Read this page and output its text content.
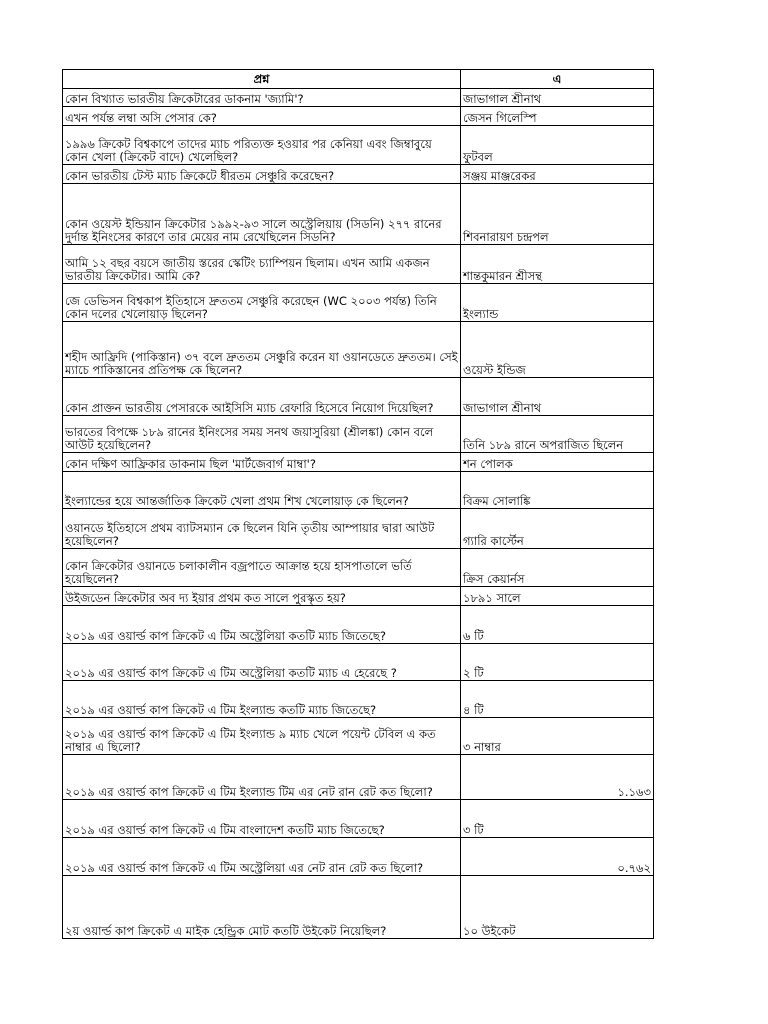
প্রশ্ন	এ
কোন বিখ্যাত ভারতীয় ক্রিকেটারের ডাকনাম 'জ্যামি'?	জাভাগাল শ্রীনাথ
এখন পর্যন্ত লম্বা অসি পেসার কে?	জেসন গিলেস্পি
১৯৯৬ ক্রিকেট বিশ্বকাপে তাদের ম্যাচ পরিত্যক্ত হওয়ার পর কেনিয়া এবং জিম্বাবুয়ে কোন খেলা (ক্রিকেট বাদে) খেলেছিল?	ফুটবল
কোন ভারতীয় টেস্ট ম্যাচ ক্রিকেটে ধীরতম সেঞ্চুরি করেছেন?	সঞ্জয় মাঞ্জরেকর
কোন ওয়েস্ট ইন্ডিয়ান ক্রিকেটার ১৯৯২-৯৩ সালে অস্ট্রেলিয়ায় (সিডনি) ২৭৭ রানের দুর্দান্ত ইনিংসের কারণে তার মেয়ের নাম রেখেছিলেন সিডনি?	শিবনারায়ণ চন্দ্রপল
আমি ১২ বছর বয়সে জাতীয় স্তরের স্কেটিং চ্যাম্পিয়ন ছিলাম। এখন আমি একজন ভারতীয় ক্রিকেটার। আমি কে?	শান্তকুমারন শ্রীসন্থ
জে ডেভিসন বিশ্বকাপ ইতিহাসে দ্রুততম সেঞ্চুরি করেছেন (WC ২০০৩ পর্যন্ত) তিনি কোন দলের খেলোয়াড় ছিলেন?	ইংল্যান্ড
শহীদ আফ্রিদি (পাকিস্তান) ৩৭ বলে দ্রুততম সেঞ্চুরি করেন যা ওয়ানডেতে দ্রুততম। সেই ম্যাচে পাকিস্তানের প্রতিপক্ষ কে ছিলেন?	ওয়েস্ট ইন্ডিজ
কোন প্রাক্তন ভারতীয় পেসারকে আইসিসি ম্যাচ রেফারি হিসেবে নিয়োগ দিয়েছিল?	জাভাগাল শ্রীনাথ
ভারতের বিপক্ষে ১৮৯ রানের ইনিংসের সময় সনথ জয়াসুরিয়া (শ্রীলঙ্কা) কোন বলে আউট হয়েছিলেন?	তিনি ১৮৯ রানে অপরাজিত ছিলেন
কোন দক্ষিণ আফ্রিকার ডাকনাম ছিল 'মার্টজেবার্গ মাম্বা'?	শন পোলক
ইংল্যান্ডের হয়ে আন্তর্জাতিক ক্রিকেট খেলা প্রথম শিখ খেলোয়াড় কে ছিলেন?	বিক্রম সোলাঙ্কি
ওয়ানডে ইতিহাসে প্রথম ব্যাটসম্যান কে ছিলেন যিনি তৃতীয় আম্পায়ার দ্বারা আউট হয়েছিলেন?	গ্যারি কার্স্টেন
কোন ক্রিকেটার ওয়ানডে চলাকালীন বজ্রপাতে আক্রান্ত হয়ে হাসপাতালে ভর্তি হয়েছিলেন?	ক্রিস কেয়ার্নস
উইজডেন ক্রিকেটার অব দ্য ইয়ার প্রথম কত সালে পুরস্কৃত হয়?	১৮৯১ সালে
২০১৯ এর ওয়ার্ল্ড কাপ ক্রিকেট এ টিম অস্ট্রেলিয়া কতটি ম্যাচ জিতেছে?	৬ টি
২০১৯ এর ওয়ার্ল্ড কাপ ক্রিকেট এ টিম অস্ট্রেলিয়া কতটি ম্যাচ এ হেরেছে ?	২ টি
২০১৯ এর ওয়ার্ল্ড কাপ ক্রিকেট এ টিম ইংল্যান্ড কতটি ম্যাচ জিতেছে?	৪ টি
২০১৯ এর ওয়ার্ল্ড কাপ ক্রিকেট এ টিম ইংল্যান্ড ৯ ম্যাচ খেলে পয়েন্ট টেবিল এ কত নাম্বার এ ছিলো?	৩ নাম্বার
২০১৯ এর ওয়ার্ল্ড কাপ ক্রিকেট এ টিম ইংল্যান্ড টিম এর নেট রান রেট কত ছিলো?	১.১৬৩
২০১৯ এর ওয়ার্ল্ড কাপ ক্রিকেট এ টিম বাংলাদেশ কতটি ম্যাচ জিতেছে?	৩ টি
২০১৯ এর ওয়ার্ল্ড কাপ ক্রিকেট এ টিম অস্ট্রেলিয়া এর নেট রান রেট কত ছিলো?	০.৭৬২
২য় ওয়ার্ল্ড কাপ ক্রিকেট এ মাইক হেন্ড্রিক মোট কতটি উইকেট নিয়েছিল?	১০ উইকেট
